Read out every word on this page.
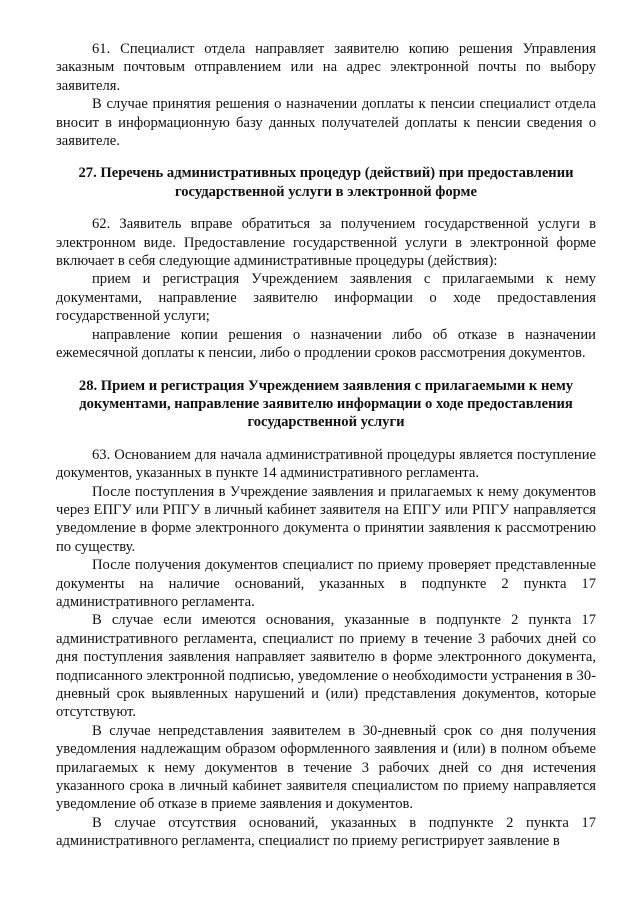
61. Специалист отдела направляет заявителю копию решения Управления заказным почтовым отправлением или на адрес электронной почты по выбору заявителя.

В случае принятия решения о назначении доплаты к пенсии специалист отдела вносит в информационную базу данных получателей доплаты к пенсии сведения о заявителе.

27. Перечень административных процедур (действий) при предоставлении государственной услуги в электронной форме

62. Заявитель вправе обратиться за получением государственной услуги в электронном виде. Предоставление государственной услуги в электронной форме включает в себя следующие административные процедуры (действия):

прием и регистрация Учреждением заявления с прилагаемыми к нему документами, направление заявителю информации о ходе предоставления государственной услуги;

направление копии решения о назначении либо об отказе в назначении ежемесячной доплаты к пенсии, либо о продлении сроков рассмотрения документов.

28. Прием и регистрация Учреждением заявления с прилагаемыми к нему документами, направление заявителю информации о ходе предоставления государственной услуги

63. Основанием для начала административной процедуры является поступление документов, указанных в пункте 14 административного регламента.

После поступления в Учреждение заявления и прилагаемых к нему документов через ЕПГУ или РПГУ в личный кабинет заявителя на ЕПГУ или РПГУ направляется уведомление в форме электронного документа о принятии заявления к рассмотрению по существу.

После получения документов специалист по приему проверяет представленные документы на наличие оснований, указанных в подпункте 2 пункта 17 административного регламента.

В случае если имеются основания, указанные в подпункте 2 пункта 17 административного регламента, специалист по приему в течение 3 рабочих дней со дня поступления заявления направляет заявителю в форме электронного документа, подписанного электронной подписью, уведомление о необходимости устранения в 30-дневный срок выявленных нарушений и (или) представления документов, которые отсутствуют.

В случае непредставления заявителем в 30-дневный срок со дня получения уведомления надлежащим образом оформленного заявления и (или) в полном объеме прилагаемых к нему документов в течение 3 рабочих дней со дня истечения указанного срока в личный кабинет заявителя специалистом по приему направляется уведомление об отказе в приеме заявления и документов.

В случае отсутствия оснований, указанных в подпункте 2 пункта 17 административного регламента, специалист по приему регистрирует заявление в
